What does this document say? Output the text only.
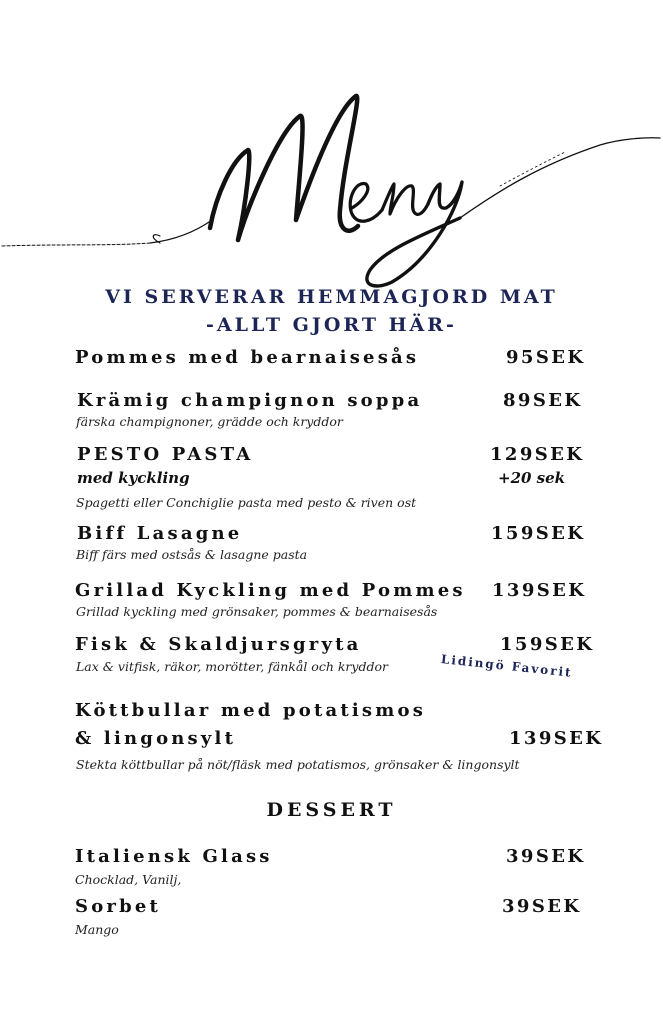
VI SERVERAR HEMMAGJORD MAT
-ALLT GJORT HÄR-
Pommes med bearnaisesås	95SEK
Krämig champignon soppa	89SEK
färska champignoner, grädde och kryddor
PESTO PASTA	129SEK
med kyckling	+20 sek
Spagetti eller Conchiglie pasta med pesto & riven ost
Biff Lasagne	159SEK
Biff färs med ostsås & lasagne pasta
Grillad Kyckling med Pommes 139SEK
Grillad kyckling med grönsaker, pommes & bearnaisesås
Fisk & Skaldjursgryta	159SEK
Lax & vitfisk, räkor, morötter, fänkål och kryddor	Lidingö Favorit
Köttbullar med potatismos
& lingonsylt	139SEK
Stekta köttbullar på nöt/fläsk med potatismos, grönsaker & lingonsylt
DESSERT
Italiensk Glass	39SEK
Chocklad, Vanilj,
Sorbet	39SEK
Mango
